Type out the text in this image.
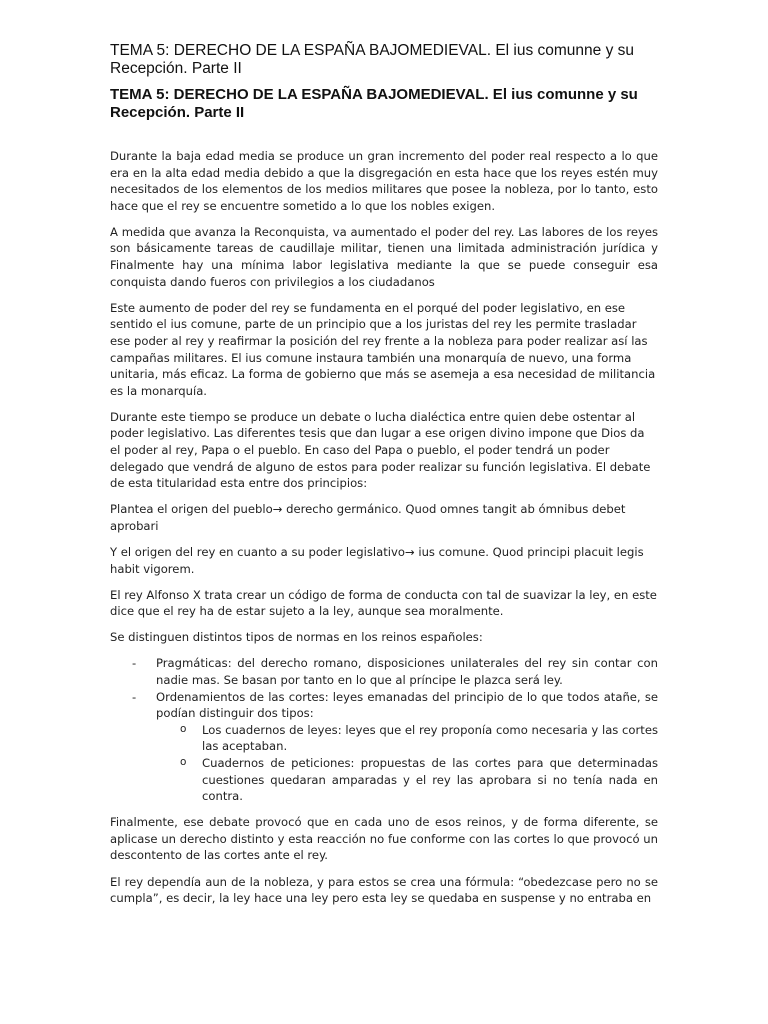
TEMA 5: DERECHO DE LA ESPAÑA BAJOMEDIEVAL. El ius comunne y su Recepción. Parte II
TEMA 5: DERECHO DE LA ESPAÑA BAJOMEDIEVAL. El ius comunne y su Recepción. Parte II

Durante la baja edad media se produce un gran incremento del poder real respecto a lo que era en la alta edad media debido a que la disgregación en esta hace que los reyes estén muy necesitados de los elementos de los medios militares que posee la nobleza, por lo tanto, esto hace que el rey se encuentre sometido a lo que los nobles exigen.

A medida que avanza la Reconquista, va aumentado el poder del rey. Las labores de los reyes son básicamente tareas de caudillaje militar, tienen una limitada administración jurídica y Finalmente hay una mínima labor legislativa mediante la que se puede conseguir esa conquista dando fueros con privilegios a los ciudadanos

Este aumento de poder del rey se fundamenta en el porqué del poder legislativo, en ese sentido el ius comune, parte de un principio que a los juristas del rey les permite trasladar ese poder al rey y reafirmar la posición del rey frente a la nobleza para poder realizar así las campañas militares. El ius comune instaura también una monarquía de nuevo, una forma unitaria, más eficaz. La forma de gobierno que más se asemeja a esa necesidad de militancia es la monarquía.

Durante este tiempo se produce un debate o lucha dialéctica entre quien debe ostentar al poder legislativo. Las diferentes tesis que dan lugar a ese origen divino impone que Dios da el poder al rey, Papa o el pueblo. En caso del Papa o pueblo, el poder tendrá un poder delegado que vendrá de alguno de estos para poder realizar su función legislativa. El debate de esta titularidad esta entre dos principios:

Plantea el origen del pueblo→ derecho germánico. Quod omnes tangit ab ómnibus debet aprobari

Y el origen del rey en cuanto a su poder legislativo→ ius comune. Quod principi placuit legis habit vigorem.

El rey Alfonso X trata crear un código de forma de conducta con tal de suavizar la ley, en este dice que el rey ha de estar sujeto a la ley, aunque sea moralmente.

Se distinguen distintos tipos de normas en los reinos españoles:

- Pragmáticas: del derecho romano, disposiciones unilaterales del rey sin contar con nadie mas. Se basan por tanto en lo que al príncipe le plazca será ley.
- Ordenamientos de las cortes: leyes emanadas del principio de lo que todos atañe, se podían distinguir dos tipos:
o Los cuadernos de leyes: leyes que el rey proponía como necesaria y las cortes las aceptaban.
o Cuadernos de peticiones: propuestas de las cortes para que determinadas cuestiones quedaran amparadas y el rey las aprobara si no tenía nada en contra.

Finalmente, ese debate provocó que en cada uno de esos reinos, y de forma diferente, se aplicase un derecho distinto y esta reacción no fue conforme con las cortes lo que provocó un descontento de las cortes ante el rey.

El rey dependía aun de la nobleza, y para estos se crea una fórmula: “obedezcase pero no se cumpla”, es decir, la ley hace una ley pero esta ley se quedaba en suspense y no entraba en
